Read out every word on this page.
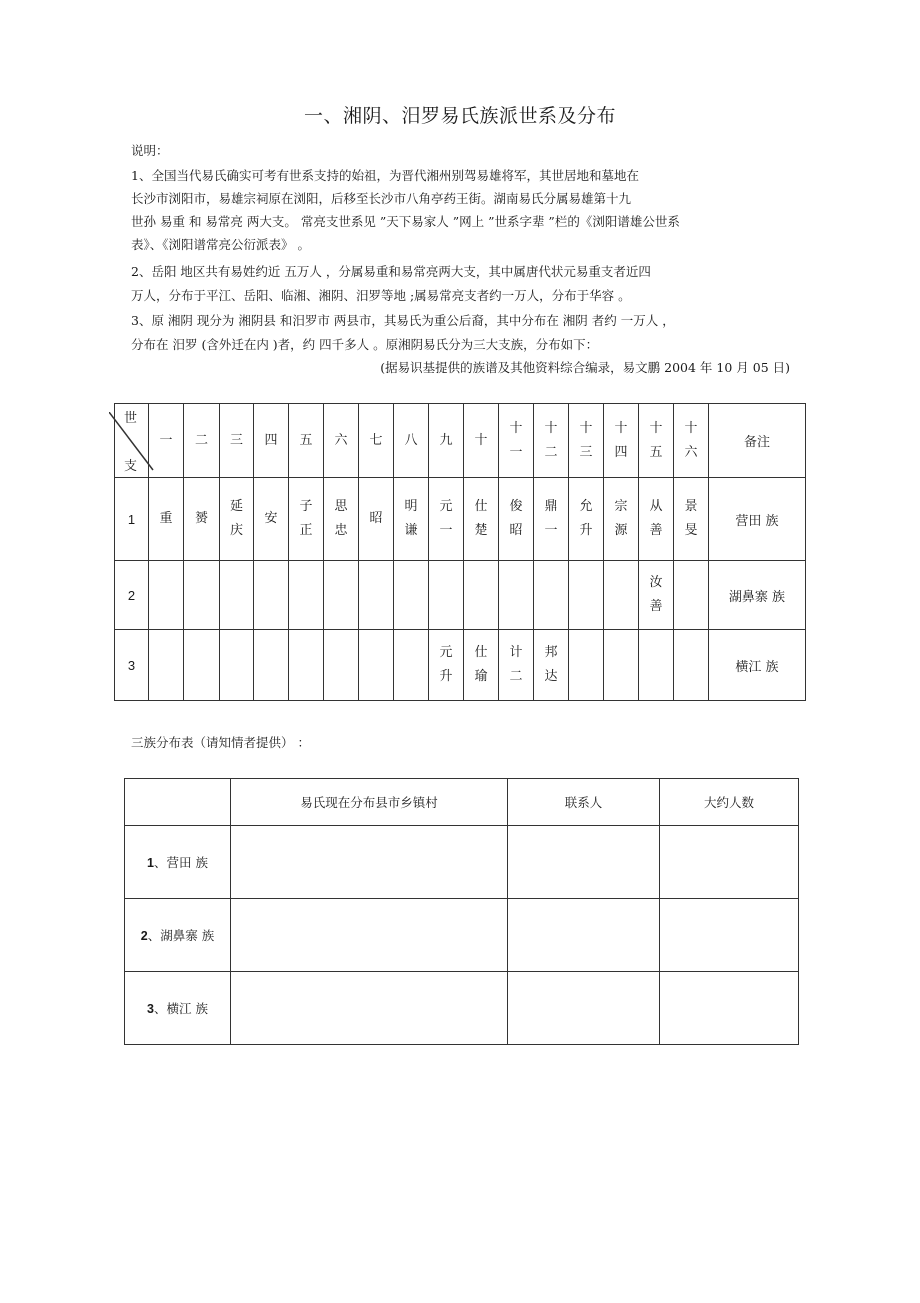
一、湘阴、汨罗易氏族派世系及分布
说明：
1、全国当代易氏确实可考有世系支持的始祖，为晋代湘州别驾易雄将军，其世居地和墓地在
长沙市浏阳市，易雄宗祠原在浏阳，后移至长沙市八角亭药王街。湖南易氏分属易雄第十九
世孙 易重 和 易常亮 两大支。 常亮支世系见 ”天下易家人 ”网上 ”世系字辈 ”栏的《浏阳谱雄公世系
表》、《浏阳谱常亮公衍派表》 。
2、岳阳 地区共有易姓约近 五万人 ，分属易重和易常亮两大支，其中属唐代状元易重支者近四
万人，分布于平江、岳阳、临湘、湘阴、汨罗等地 ;属易常亮支者约一万人，分布于华容 。
3、原 湘阴 现分为 湘阴县 和汨罗市 两县市，其易氏为重公后裔，其中分布在 湘阴 者约 一万人 ，
分布在 汨罗 (含外迁在内 )者，约 四千多人 。原湘阴易氏分为三大支族，分布如下：
(据易识基提供的族谱及其他资料综合编录，易文鹏 2004 年 10 月 05 日)
世
支	一	二	三	四	五	六	七	八	九	十	十一	十二	十三	十四	十五	十六	备注
1	重	赟	延庆	安	子正	思忠	昭	明谦	元一	仕楚	俊昭	鼎一	允升	宗源	从善	景旻	营田 族
2															汝善		湖鼻寨 族
3									元升	仕瑜	计二	邦达					横江 族
三族分布表（请知情者提供） ：
	易氏现在分布县市乡镇村	联系人	大约人数
1、营田 族			
2、湖鼻寨 族			
3、横江 族			
